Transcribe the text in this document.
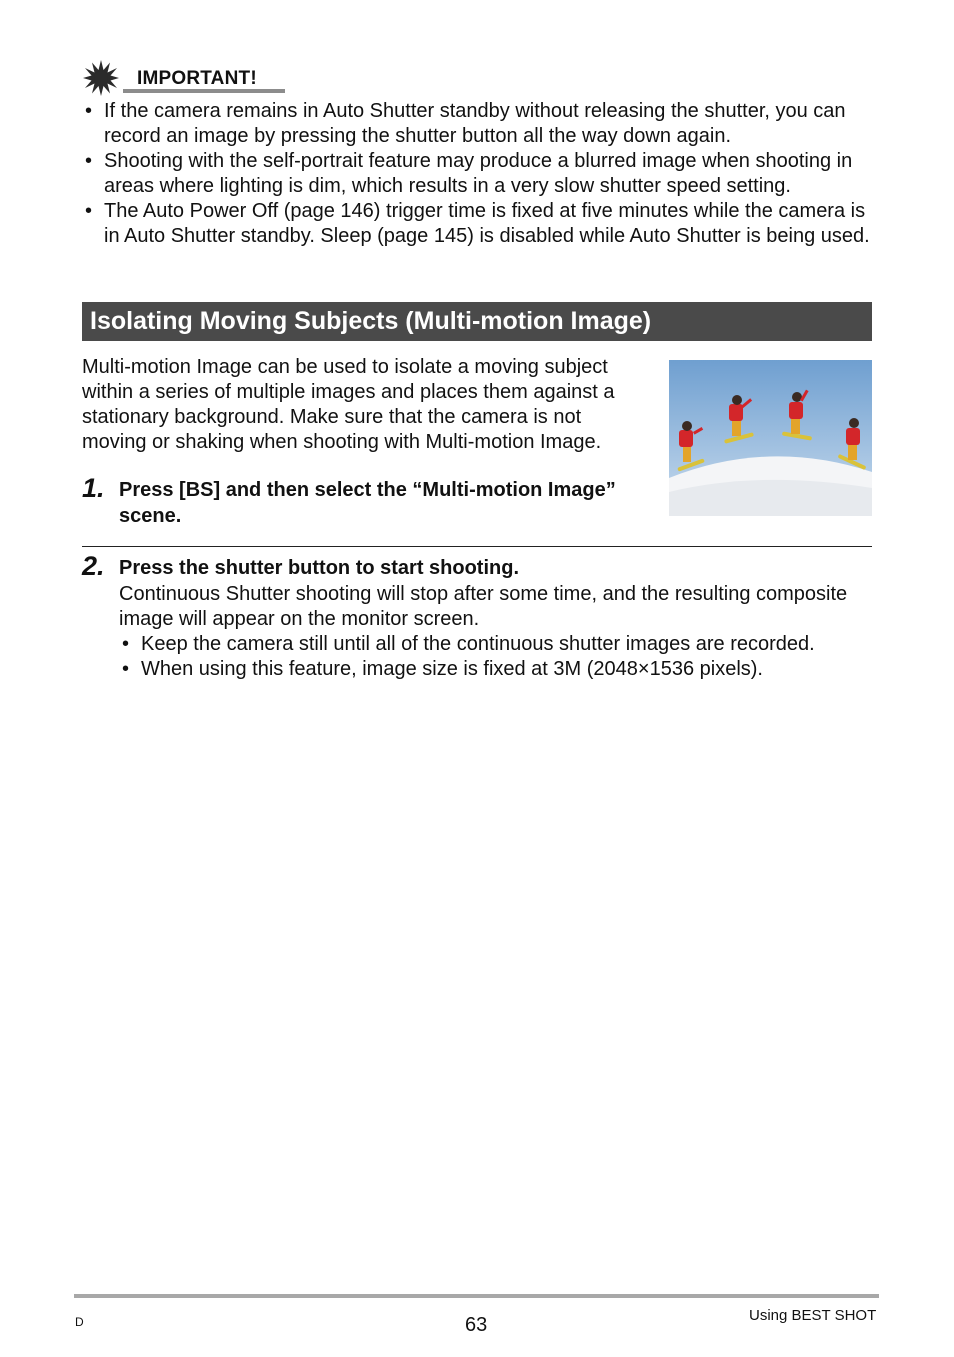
IMPORTANT!
• If the camera remains in Auto Shutter standby without releasing the shutter, you can record an image by pressing the shutter button all the way down again.
• Shooting with the self-portrait feature may produce a blurred image when shooting in areas where lighting is dim, which results in a very slow shutter speed setting.
• The Auto Power Off (page 146) trigger time is fixed at five minutes while the camera is in Auto Shutter standby. Sleep (page 145) is disabled while Auto Shutter is being used.
Isolating Moving Subjects (Multi-motion Image)

Multi-motion Image can be used to isolate a moving subject within a series of multiple images and places them against a stationary background. Make sure that the camera is not moving or shaking when shooting with Multi-motion Image.

1. Press [BS] and then select the “Multi-motion Image” scene.
2. Press the shutter button to start shooting.

Continuous Shutter shooting will stop after some time, and the resulting composite image will appear on the monitor screen.

• Keep the camera still until all of the continuous shutter images are recorded.
• When using this feature, image size is fixed at 3M (2048×1536 pixels).
D	63	Using BEST SHOT
